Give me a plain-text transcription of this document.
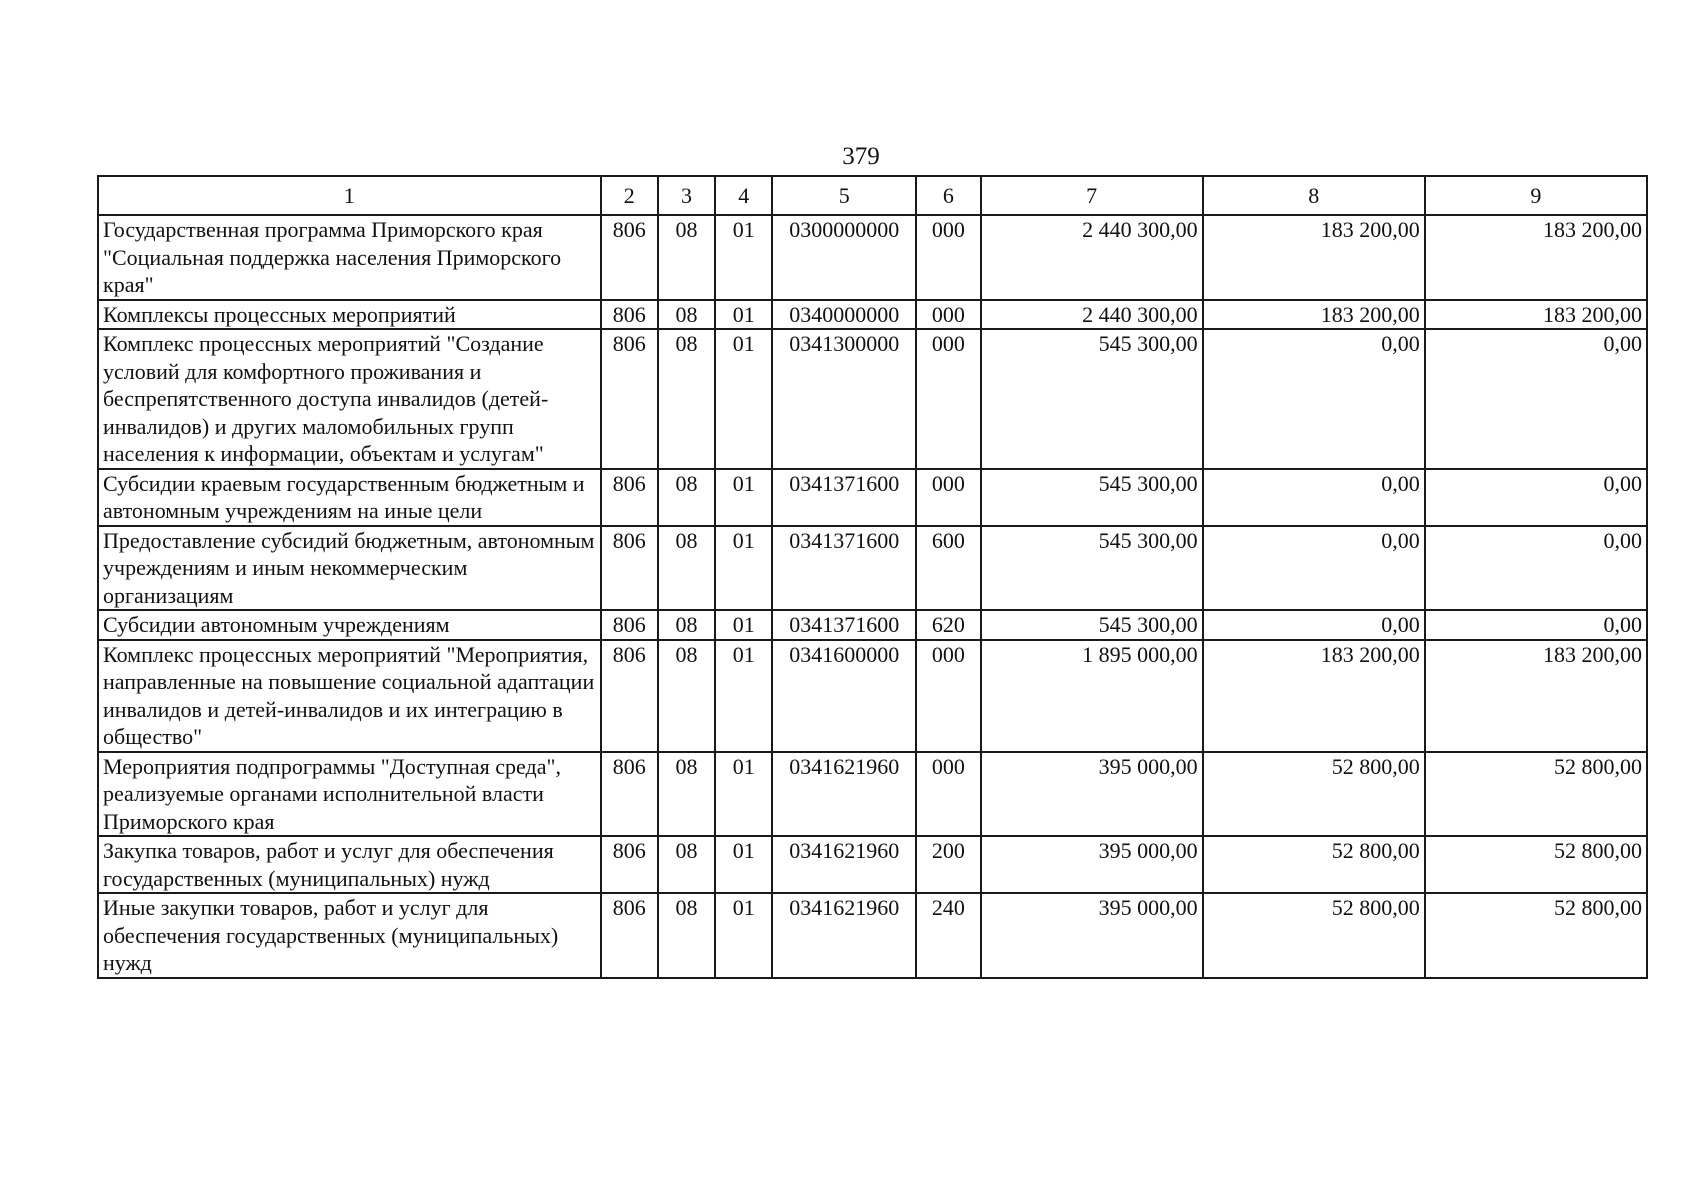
379
1	2	3	4	5	6	7	8	9
Государственная программа Приморского края "Социальная поддержка населения Приморского края"	806	08	01	0300000000	000	2 440 300,00	183 200,00	183 200,00
Комплексы процессных мероприятий	806	08	01	0340000000	000	2 440 300,00	183 200,00	183 200,00
Комплекс процессных мероприятий "Создание условий для комфортного проживания и беспрепятственного доступа инвалидов (детей-инвалидов) и других маломобильных групп населения к информации, объектам и услугам"	806	08	01	0341300000	000	545 300,00	0,00	0,00
Субсидии краевым государственным бюджетным и автономным учреждениям на иные цели	806	08	01	0341371600	000	545 300,00	0,00	0,00
Предоставление субсидий бюджетным, автономным учреждениям и иным некоммерческим организациям	806	08	01	0341371600	600	545 300,00	0,00	0,00
Субсидии автономным учреждениям	806	08	01	0341371600	620	545 300,00	0,00	0,00
Комплекс процессных мероприятий "Мероприятия, направленные на повышение социальной адаптации инвалидов и детей-инвалидов и их интеграцию в общество"	806	08	01	0341600000	000	1 895 000,00	183 200,00	183 200,00
Мероприятия подпрограммы "Доступная среда", реализуемые органами исполнительной власти Приморского края	806	08	01	0341621960	000	395 000,00	52 800,00	52 800,00
Закупка товаров, работ и услуг для обеспечения государственных (муниципальных) нужд	806	08	01	0341621960	200	395 000,00	52 800,00	52 800,00
Иные закупки товаров, работ и услуг для обеспечения государственных (муниципальных) нужд	806	08	01	0341621960	240	395 000,00	52 800,00	52 800,00
